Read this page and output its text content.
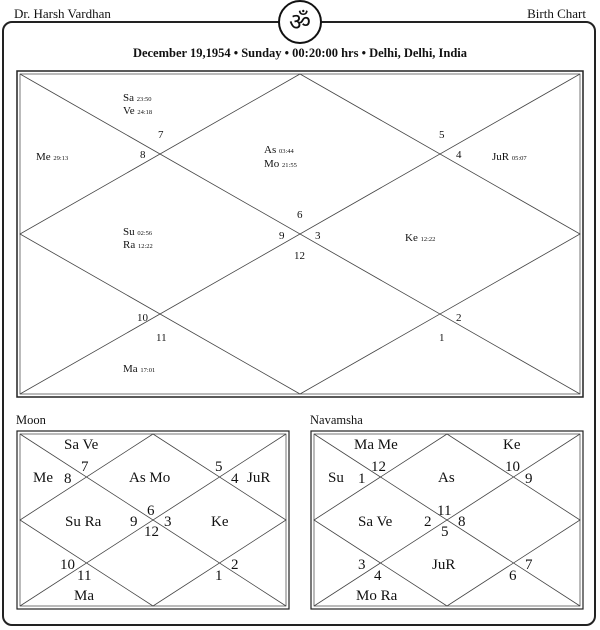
Dr. Harsh Vardhan	Birth Chart
ॐ
December 19,1954 • Sunday • 00:20:00 hrs • Delhi, Delhi, India
Sa 23:50
Ve 24:18
Me 29:13
As 03:44
Mo 21:55
JuR 05:07
Su 02:56
Ra 12:22
Ke 12:22
Ma 17:01
7
8
6
5
4
9	3
12
10
11
2
1
Moon
Sa Ve
Me	As Mo	JuR
Su Ra	Ke
Ma
7
8
5
4
6
9 3
12
10
11
2
1
Navamsha
Ma Me	Ke
Su	As
Sa Ve
JuR
Mo Ra
12
1
10
9
11
2 8
5
3
4	6
7
